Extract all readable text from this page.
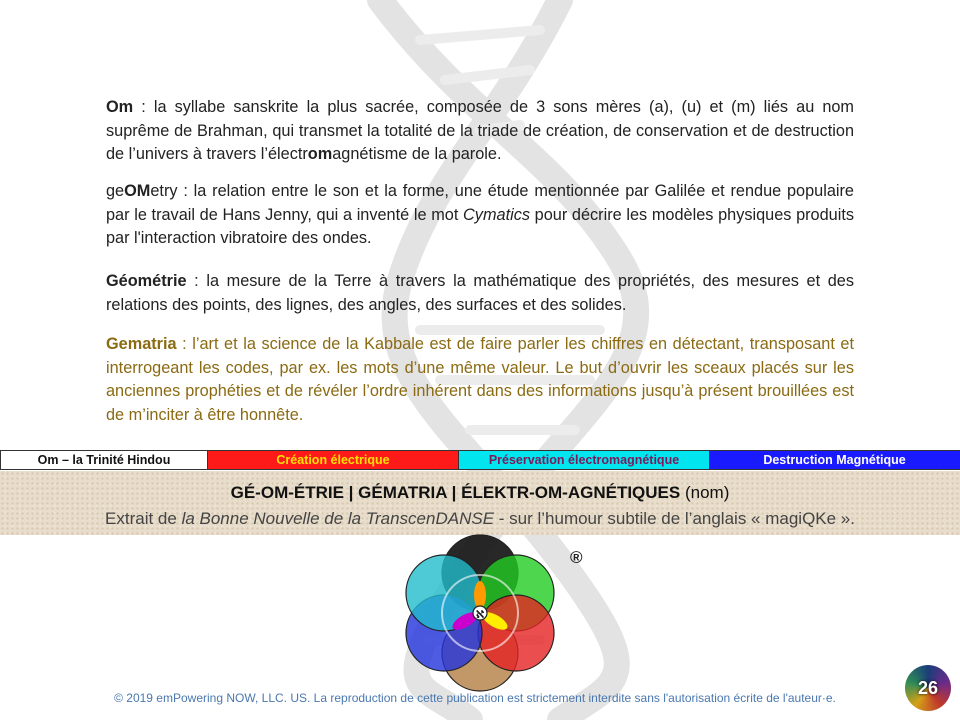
Om : la syllabe sanskrite la plus sacrée, composée de 3 sons mères (a), (u) et (m) liés au nom suprême de Brahman, qui transmet la totalité de la triade de création, de conservation et de destruction de l’univers à travers l’électromagnétisme de la parole.
geOMetry : la relation entre le son et la forme, une étude mentionnée par Galilée et rendue populaire par le travail de Hans Jenny, qui a inventé le mot Cymatics pour décrire les modèles physiques produits par l'interaction vibratoire des ondes.
Géométrie : la mesure de la Terre à travers la mathématique des propriétés, des mesures et des relations des points, des lignes, des angles, des surfaces et des solides.
Gematria : l’art et la science de la Kabbale est de faire parler les chiffres en détectant, transposant et interrogeant les codes, par ex. les mots d’une même valeur. Le but d’ouvrir les sceaux placés sur les anciennes prophéties et de révéler l’ordre inhérent dans des informations jusqu’à présent brouillées est de m’inciter à être honnête.
Om – la Trinité Hindou	Création électrique	Préservation électromagnétique	Destruction Magnétique
GÉ-OM-ÉTRIE | GÉMATRIA | ÉLEKTR-OM-AGNÉTIQUES (nom)
Extrait de la Bonne Nouvelle de la TranscenDANSE - sur l’humour subtile de l’anglais « magiQKe ».
ℵ
®
© 2019 emPowering NOW, LLC. US. La reproduction de cette publication est strictement interdite sans l'autorisation écrite de l'auteur·e.
26
